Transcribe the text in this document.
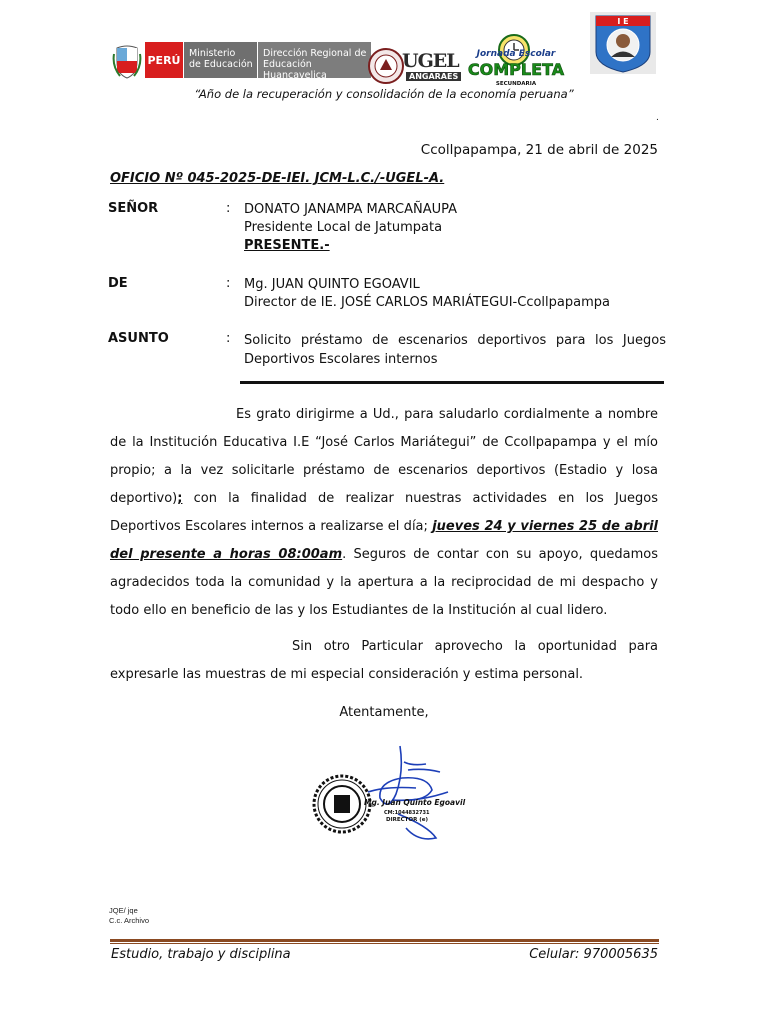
PERÚ Ministerio
de Educación
Dirección Regional de
Educación Huancavelica
UGEL
ANGARAES
Jornada Escolar
COMPLETA
SECUNDARIA
I E
“Año de la recuperación y consolidación de la economía peruana”
.
Ccollpapampa, 21 de abril de 2025
OFICIO Nº 045-2025-DE-IEI. JCM-L.C./-UGEL-A.
SEÑOR	: DONATO JANAMPA MARCAÑAUPA
Presidente Local de Jatumpata
PRESENTE.-
DE	: Mg. JUAN QUINTO EGOAVIL
Director de IE. JOSÉ CARLOS MARIÁTEGUI-Ccollpapampa
ASUNTO	: Solicito préstamo de escenarios deportivos para los Juegos Deportivos Escolares internos
Es grato dirigirme a Ud., para saludarlo cordialmente a nombre de la Institución Educativa I.E “José Carlos Mariátegui” de Ccollpapampa y el mío propio; a la vez solicitarle préstamo de escenarios deportivos (Estadio y losa deportivo); con la finalidad de realizar nuestras actividades en los Juegos Deportivos Escolares internos a realizarse el día; jueves 24 y viernes 25 de abril del presente a horas 08:00am. Seguros de contar con su apoyo, quedamos agradecidos toda la comunidad y la apertura a la reciprocidad de mi despacho y todo ello en beneficio de las y los Estudiantes de la Institución al cual lidero.
Sin otro Particular aprovecho la oportunidad para expresarle las muestras de mi especial consideración y estima personal.
Atentamente,
Mg. Juan Quinto Egoavil
CM:1044832731
DIRECTOR (e)
JQE/ jqe
C.c. Archivo
Estudio, trabajo y disciplina	Celular: 970005635
